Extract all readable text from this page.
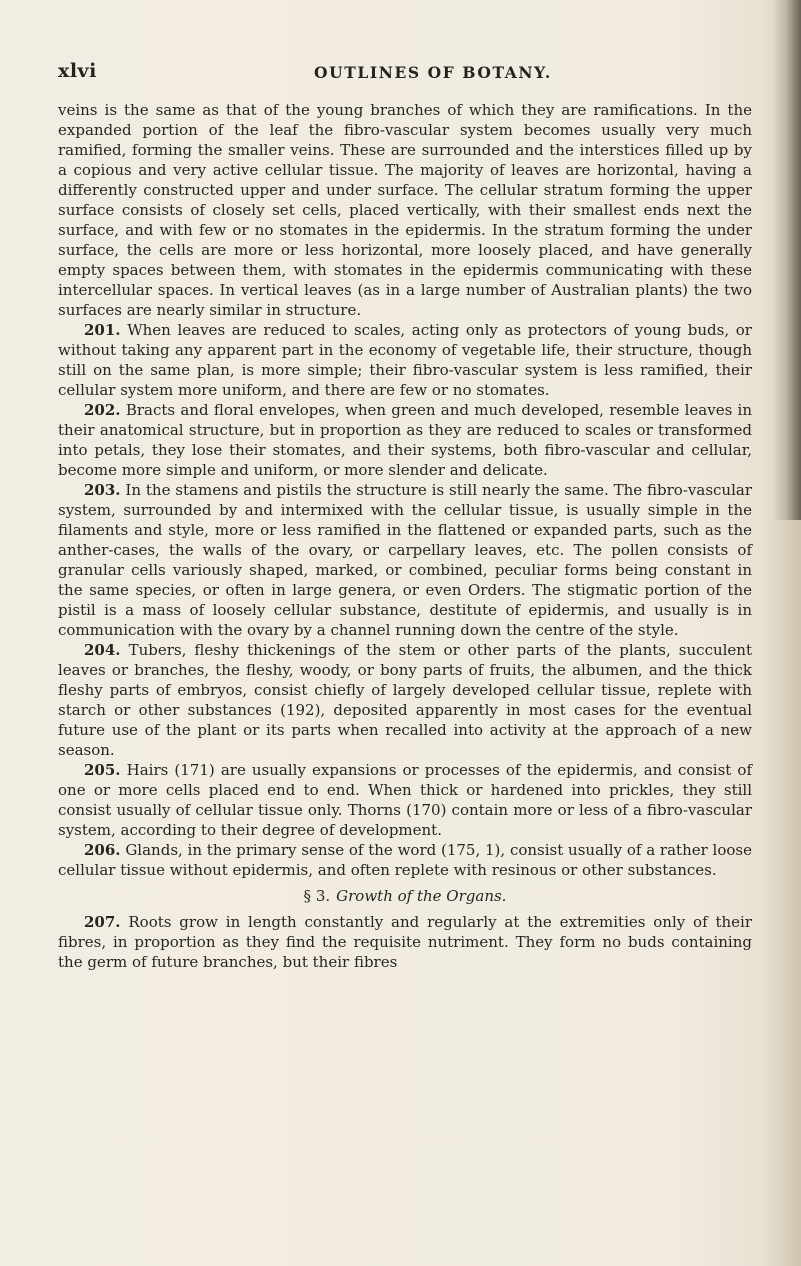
xlvi	OUTLINES OF BOTANY.

veins is the same as that of the young branches of which they are ramifications. In the expanded portion of the leaf the fibro-vascular system becomes usually very much ramified, forming the smaller veins. These are surrounded and the interstices filled up by a copious and very active cellular tissue. The majority of leaves are horizontal, having a differently constructed upper and under surface. The cellular stratum forming the upper surface consists of closely set cells, placed vertically, with their smallest ends next the surface, and with few or no stomates in the epidermis. In the stratum forming the under surface, the cells are more or less horizontal, more loosely placed, and have generally empty spaces between them, with stomates in the epidermis communicating with these intercellular spaces. In vertical leaves (as in a large number of Australian plants) the two surfaces are nearly similar in structure.

201. When leaves are reduced to scales, acting only as protectors of young buds, or without taking any apparent part in the economy of vegetable life, their structure, though still on the same plan, is more simple; their fibro-vascular system is less ramified, their cellular system more uniform, and there are few or no stomates.

202. Bracts and floral envelopes, when green and much developed, resemble leaves in their anatomical structure, but in proportion as they are reduced to scales or transformed into petals, they lose their stomates, and their systems, both fibro-vascular and cellular, become more simple and uniform, or more slender and delicate.

203. In the stamens and pistils the structure is still nearly the same. The fibro-vascular system, surrounded by and intermixed with the cellular tissue, is usually simple in the filaments and style, more or less ramified in the flattened or expanded parts, such as the anther-cases, the walls of the ovary, or carpellary leaves, etc. The pollen consists of granular cells variously shaped, marked, or combined, peculiar forms being constant in the same species, or often in large genera, or even Orders. The stigmatic portion of the pistil is a mass of loosely cellular substance, destitute of epidermis, and usually is in communication with the ovary by a channel running down the centre of the style.

204. Tubers, fleshy thickenings of the stem or other parts of the plants, succulent leaves or branches, the fleshy, woody, or bony parts of fruits, the albumen, and the thick fleshy parts of embryos, consist chiefly of largely developed cellular tissue, replete with starch or other substances (192), deposited apparently in most cases for the eventual future use of the plant or its parts when recalled into activity at the approach of a new season.

205. Hairs (171) are usually expansions or processes of the epidermis, and consist of one or more cells placed end to end. When thick or hardened into prickles, they still consist usually of cellular tissue only. Thorns (170) contain more or less of a fibro-vascular system, according to their degree of development.

206. Glands, in the primary sense of the word (175, 1), consist usually of a rather loose cellular tissue without epidermis, and often replete with resinous or other substances.

§ 3. Growth of the Organs.

207. Roots grow in length constantly and regularly at the extremities only of their fibres, in proportion as they find the requisite nutriment. They form no buds containing the germ of future branches, but their fibres
